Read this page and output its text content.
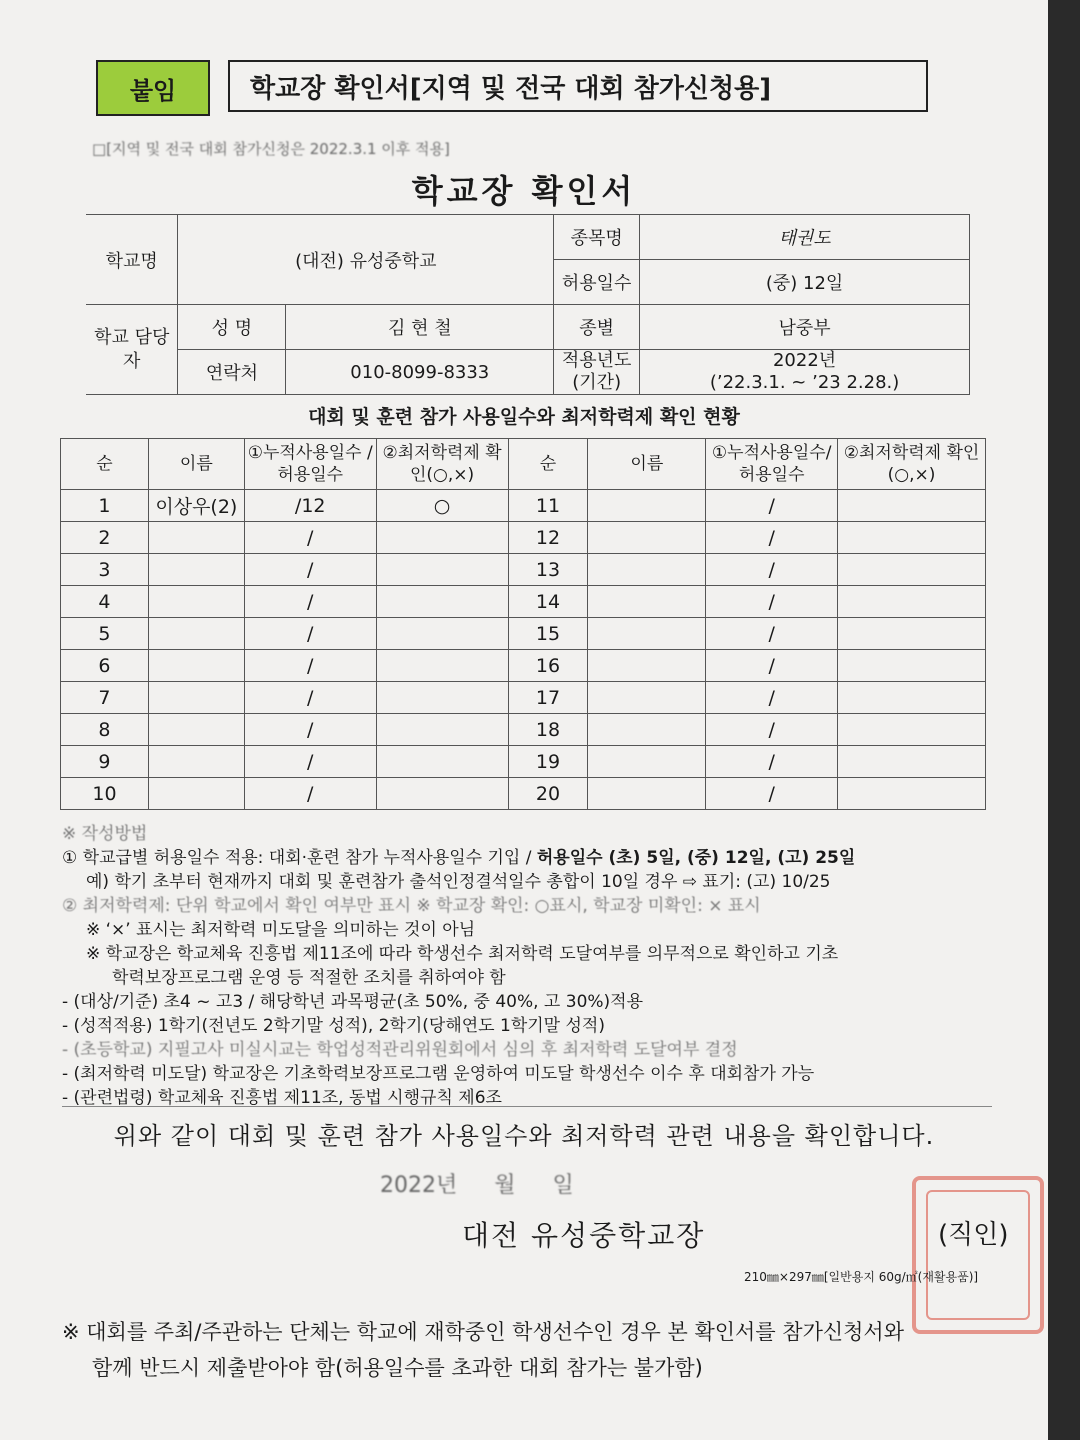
붙임	학교장 확인서[지역 및 전국 대회 참가신청용]
□[지역 및 전국 대회 참가신청은 2022.3.1 이후 적용]
학교장 확인서
학교명	(대전) 유성중학교		종목명	태권도
			허용일수	(중) 12일
학교 담당자	성 명	김 현 철	종별	남중부
	연락처	010-8099-8333	적용년도 (기간)	2022년
(’22.3.1. ~ ’23 2.28.)
대회 및 훈련 참가 사용일수와 최저학력제 확인 현황
순	이름	①누적사용일수 /허용일수	②최저학력제 확인(○,×)	순	이름	①누적사용일수/ 허용일수	②최저학력제 확인(○,×)
1	이상우(2)	/12	○	11		/	
2		/		12		/	
3		/		13		/	
4		/		14		/	
5		/		15		/	
6		/		16		/	
7		/		17		/	
8		/		18		/	
9		/		19		/	
10		/		20		/	
※ 작성방법
① 학교급별 허용일수 적용: 대회·훈련 참가 누적사용일수 기입 / 허용일수 (초) 5일, (중) 12일, (고) 25일
예) 학기 초부터 현재까지 대회 및 훈련참가 출석인정결석일수 총합이 10일 경우 ⇨ 표기: (고) 10/25
② 최저학력제: 단위 학교에서 확인 여부만 표시 ※ 학교장 확인: ○표시, 학교장 미확인: × 표시
※ ‘×’ 표시는 최저학력 미도달을 의미하는 것이 아님
※ 학교장은 학교체육 진흥법 제11조에 따라 학생선수 최저학력 도달여부를 의무적으로 확인하고 기초
학력보장프로그램 운영 등 적절한 조치를 취하여야 함
- (대상/기준) 초4 ~ 고3 / 해당학년 과목평균(초 50%, 중 40%, 고 30%)적용
- (성적적용) 1학기(전년도 2학기말 성적), 2학기(당해연도 1학기말 성적)
- (초등학교) 지필고사 미실시교는 학업성적관리위원회에서 심의 후 최저학력 도달여부 결정
- (최저학력 미도달) 학교장은 기초학력보장프로그램 운영하여 미도달 학생선수 이수 후 대회참가 가능
- (관련법령) 학교체육 진흥법 제11조, 동법 시행규칙 제6조
위와 같이 대회 및 훈련 참가 사용일수와 최저학력 관련 내용을 확인합니다.
2022년 월 일
대전 유성중학교장	(직인)
210㎜×297㎜[일반용지 60g/㎡(재활용품)]
※ 대회를 주최/주관하는 단체는 학교에 재학중인 학생선수인 경우 본 확인서를 참가신청서와
함께 반드시 제출받아야 함(허용일수를 초과한 대회 참가는 불가함)
